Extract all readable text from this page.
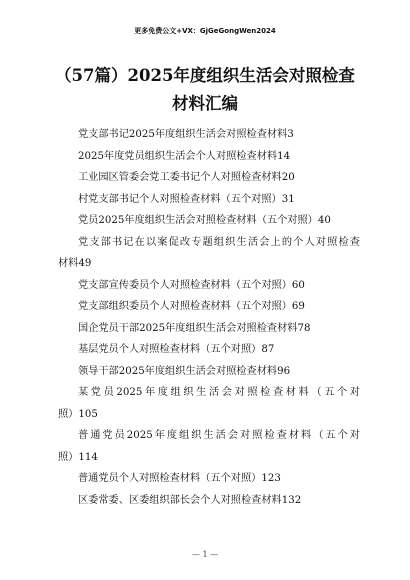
更多免费公文+VX：GjGeGongWen2024
（57篇）2025年度组织生活会对照检查
材料汇编
党支部书记2025年度组织生活会对照检查材料3
2025年度党员组织生活会个人对照检查材料14
工业园区管委会党工委书记个人对照检查材料20
村党支部书记个人对照检查材料（五个对照）31
党员2025年度组织生活会对照检查材料（五个对照）40
党支部书记在以案促改专题组织生活会上的个人对照检查
材料49
党支部宣传委员个人对照检查材料（五个对照）60
党支部组织委员个人对照检查材料（五个对照）69
国企党员干部2025年度组织生活会对照检查材料78
基层党员个人对照检查材料（五个对照）87
领导干部2025年度组织生活会对照检查材料96
某党员2025年度组织生活会对照检查材料（五个对
照）105
普通党员2025年度组织生活会对照检查材料（五个对
照）114
普通党员个人对照检查材料（五个对照）123
区委常委、区委组织部长会个人对照检查材料132
— 1 —
